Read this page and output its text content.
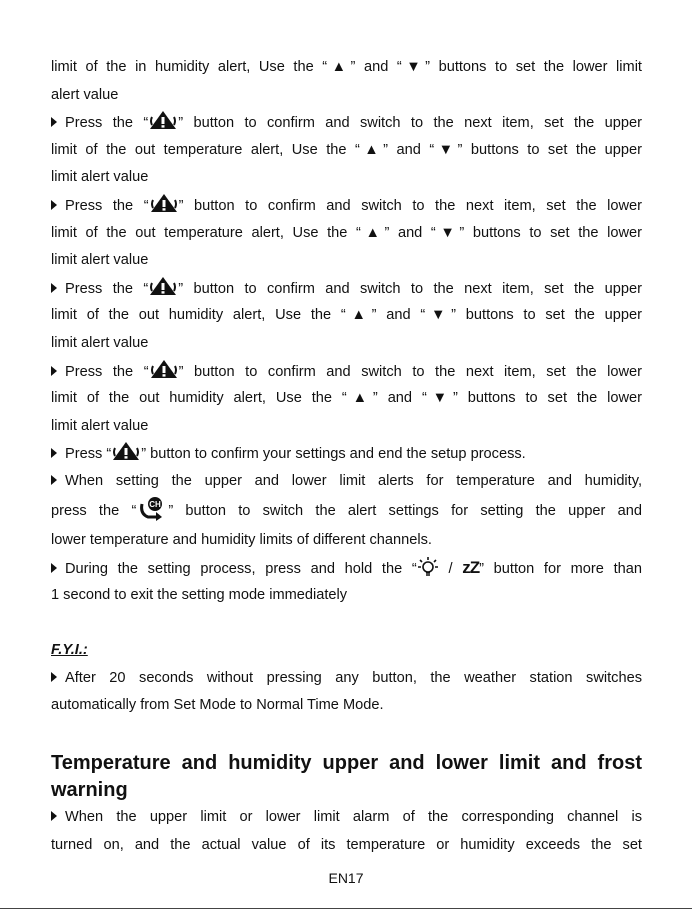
limit of the in humidity alert, Use the “▲” and “▼” buttons to set the lower limit
alert value
Press the “ ” button to confirm and switch to the next item, set the upper
limit of the out temperature alert, Use the “▲” and “▼” buttons to set the upper
limit alert value
Press the “ ” button to confirm and switch to the next item, set the lower
limit of the out temperature alert, Use the “▲” and “▼” buttons to set the lower
limit alert value
Press the “ ” button to confirm and switch to the next item, set the upper
limit of the out humidity alert, Use the “▲” and “▼” buttons to set the upper
limit alert value
Press the “ ” button to confirm and switch to the next item, set the lower
limit of the out humidity alert, Use the “▲” and “▼” buttons to set the lower
limit alert value
Press “ ” button to confirm your settings and end the setup process.
When setting the upper and lower limit alerts for temperature and humidity,
press the “ ” button to switch the alert settings for setting the upper and
lower temperature and humidity limits of different channels.
During the setting process, press and hold the “ / zZ” button for more than
1 second to exit the setting mode immediately
F.Y.I.:
After 20 seconds without pressing any button, the weather station switches
automatically from Set Mode to Normal Time Mode.
Temperature and humidity upper and lower limit and frost
warning
When the upper limit or lower limit alarm of the corresponding channel is
turned on, and the actual value of its temperature or humidity exceeds the set
EN17
